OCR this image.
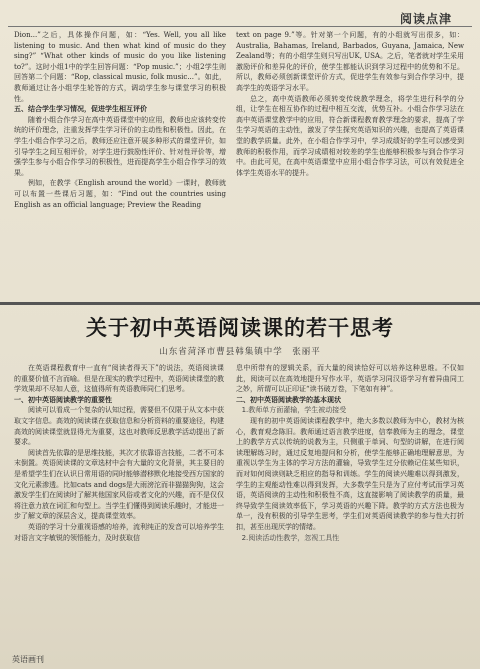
阅读点津

Dion...”之后，具体操作问题，如：“Yes. Well, you all like listening to music. And then what kind of music do they sing?” “What other kinds of music do you like listening to?”。这时小组1中的学生回答问题：“Pop music.”；小组2学生则回答第二个问题：“Rop, classical music, folk music...”。如此，教师通过让各小组学生轮答的方式，调动学生参与课堂学习的积极性。

五、结合学生学习情况，促进学生相互评价

随着小组合作学习在高中英语课堂中的应用，教师也应该转变传统的评价理念，注重发挥学生学习评价的主动性和积极性。因此，在学生小组合作学习之后，教师还应注意开展多种形式的课堂评价，如引导学生之间互相评价，对学生进行鼓励性评价、针对性评价等，增强学生参与小组合作学习的积极性，进而提高学生小组合作学习的效果。

例如，在教学《English around the world》一课时，教师就可以布置一些课后习题，如：“Find out the countries using English as an official language; Preview the Reading

text on page 9.”等。针对第一个问题，有的小组就写出很多，如：Australia, Bahamas, Ireland, Barbados, Guyana, Jamaica, New Zealand等；有的小组学生则只写出UK, USA。之后，笔者就对学生采用激励评价和差异化的评价，使学生都能认识到学习过程中的优势和不足。所以，教师必须创新课堂评价方式，促进学生有效参与到合作学习中，提高学生的英语学习水平。

总之，高中英语教师必须转变传统教学理念，将学生进行科学的分组，让学生在相互协作的过程中相互交流，优势互补。小组合作学习法在高中英语课堂教学中的应用，符合新课程教育教学理念的要求，提高了学生学习英语的主动性，激发了学生探究英语知识的兴趣，也提高了英语课堂的教学质量。此外，在小组合作学习中，学习成绩好的学生可以感受到教师的积极作用，而学习成绩相对较差的学生也能够积极参与到合作学习中。由此可见，在高中英语课堂中应用小组合作学习法，可以有效促进全体学生英语水平的提升。

关于初中英语阅读课的若干思考
山东省菏泽市曹县韩集镇中学　张丽平

在英语课程教育中一直有“阅读者得天下”的说法，英语阅读课的重要价值不言而喻。但是在现实的教学过程中，英语阅读课堂的教学效果却不尽如人意，这值得所有英语教师同仁们思考。

一、初中英语阅读教学的重要性

阅读可以看成一个复杂的认知过程，需要但不仅限于从文本中获取文字信息。高效的阅读课在获取信息和分析资料的重要途径，构建高效的阅读课堂就显得尤为重要，这也对教师反思教学活动提出了新要求。

阅读首先依靠的是思维技能，其次才依靠语言技能，二者不可本末倒置。英语阅读课的文章选材中会有大量的文化背景，其主要目的是希望学生们在认识日常用语的同时能够潜移默化地接受西方国家的文化元素渗透。比如cats and dogs是大雨滂沱而非猫猫狗狗，这会激发学生们在阅读时了解其他国家风俗或者文化的兴趣，而不是仅仅将注意力放在词汇和句型上。当学生们懂得到阅读乐趣时，才能进一步了解文章的深层含义，提高课堂效率。

英语的学习十分重视语感的培养，流利纯正的发音可以培养学生对语言文字敏锐的领悟能力，及时获取信

息中所带有的逻辑关系，而大量的阅读恰好可以培养这种思维。不仅如此，阅读可以在高效地提升写作水平，英语学习同汉语学习有着异曲同工之妙，所谓可以正印证“读书破万卷，下笔如有神”。

二、初中英语阅读教学的基本现状

1.教师单方面灌输，学生被动接受

现有的初中英语阅读课程教学中，绝大多数以教师为中心，教材为核心，教育观念陈旧。教师通过语言教学进度，信奉教师为主的理念，课堂上的教学方式以传统的说教为主，只侧重于单词、句型的讲解，在进行阅读理解练习时，通过反复地提问和分析，使学生能够正确地理解意思，为重视以学生为主体的学习方法的灌输，导致学生过分依赖记住某些知识，而对如何阅读则缺乏相应的指导和训练。学生的阅读兴趣难以得到激发，学生的主观能动性难以得到发挥，大多数学生只是为了应付考试而学习英语，英语阅读的主动性和积极性不高，这直接影响了阅读教学的质量，最终导致学生阅读效率低下，学习英语的兴趣下降。教学的方式方法也极为单一，没有积极的引导学生思考，学生们对英语阅读教学的参与性大打折扣，甚至出现厌学的情绪。

2.阅读活动性教学，忽视工具性

英语画刊
